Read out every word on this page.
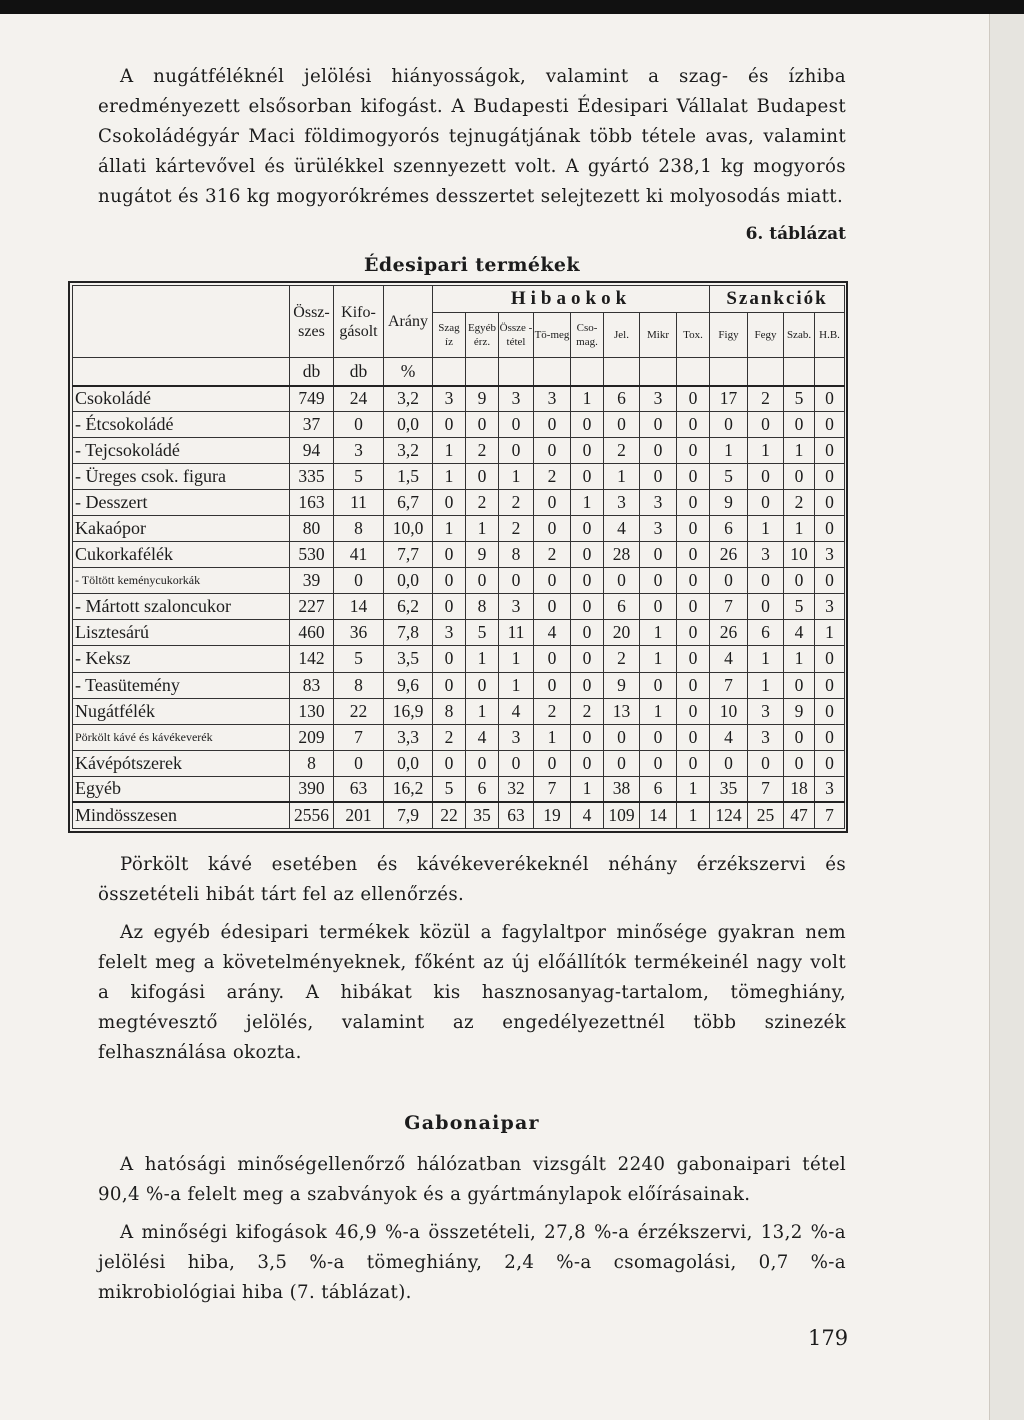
A nugátféléknél jelölési hiányosságok, valamint a szag- és ízhiba eredményezett elsősorban kifogást. A Budapesti Édesipari Vállalat Budapest Csokoládégyár Maci földimogyorós tejnugátjának több tétele avas, valamint állati kártevővel és ürülékkel szennyezett volt. A gyártó 238,1 kg mogyorós nugátot és 316 kg mogyorókrémes desszertet selejtezett ki molyosodás miatt.

6. táblázat
Édesipari termékek
	Össz-szes	Kifo-gásolt	Arány	Hibaokok								Szankciók			
				Szag íz	Egyéb érz.	Össze -tétel	Tö-meg	Cso-mag.	Jel.	Mikr	Tox.	Figy	Fegy	Szab.	H.B.
	db	db	%												
Csokoládé	749	24	3,2	3	9	3	3	1	6	3	0	17	2	5	0
- Étcsokoládé	37	0	0,0	0	0	0	0	0	0	0	0	0	0	0	0
- Tejcsokoládé	94	3	3,2	1	2	0	0	0	2	0	0	1	1	1	0
- Üreges csok. figura	335	5	1,5	1	0	1	2	0	1	0	0	5	0	0	0
- Desszert	163	11	6,7	0	2	2	0	1	3	3	0	9	0	2	0
Kakaópor	80	8	10,0	1	1	2	0	0	4	3	0	6	1	1	0
Cukorkafélék	530	41	7,7	0	9	8	2	0	28	0	0	26	3	10	3
- Töltött keménycukorkák	39	0	0,0	0	0	0	0	0	0	0	0	0	0	0	0
- Mártott szaloncukor	227	14	6,2	0	8	3	0	0	6	0	0	7	0	5	3
Lisztesárú	460	36	7,8	3	5	11	4	0	20	1	0	26	6	4	1
- Keksz	142	5	3,5	0	1	1	0	0	2	1	0	4	1	1	0
- Teasütemény	83	8	9,6	0	0	1	0	0	9	0	0	7	1	0	0
Nugátfélék	130	22	16,9	8	1	4	2	2	13	1	0	10	3	9	0
Pörkölt kávé és kávékeverék	209	7	3,3	2	4	3	1	0	0	0	0	4	3	0	0
Kávépótszerek	8	0	0,0	0	0	0	0	0	0	0	0	0	0	0	0
Egyéb	390	63	16,2	5	6	32	7	1	38	6	1	35	7	18	3
Mindösszesen	2556	201	7,9	22	35	63	19	4	109	14	1	124	25	47	7

Pörkölt kávé esetében és kávékeverékeknél néhány érzékszervi és összetételi hibát tárt fel az ellenőrzés.

Az egyéb édesipari termékek közül a fagylaltpor minősége gyakran nem felelt meg a követelményeknek, főként az új előállítók termékeinél nagy volt a kifogási arány. A hibákat kis hasznosanyag-tartalom, tömeghiány, megtévesztő jelölés, valamint az engedélyezettnél több szinezék felhasználása okozta.

Gabonaipar

A hatósági minőségellenőrző hálózatban vizsgált 2240 gabonaipari tétel 90,4 %-a felelt meg a szabványok és a gyártmánylapok előírásainak.

A minőségi kifogások 46,9 %-a összetételi, 27,8 %-a érzékszervi, 13,2 %-a jelölési hiba, 3,5 %-a tömeghiány, 2,4 %-a csomagolási, 0,7 %-a mikrobiológiai hiba (7. táblázat).

179
